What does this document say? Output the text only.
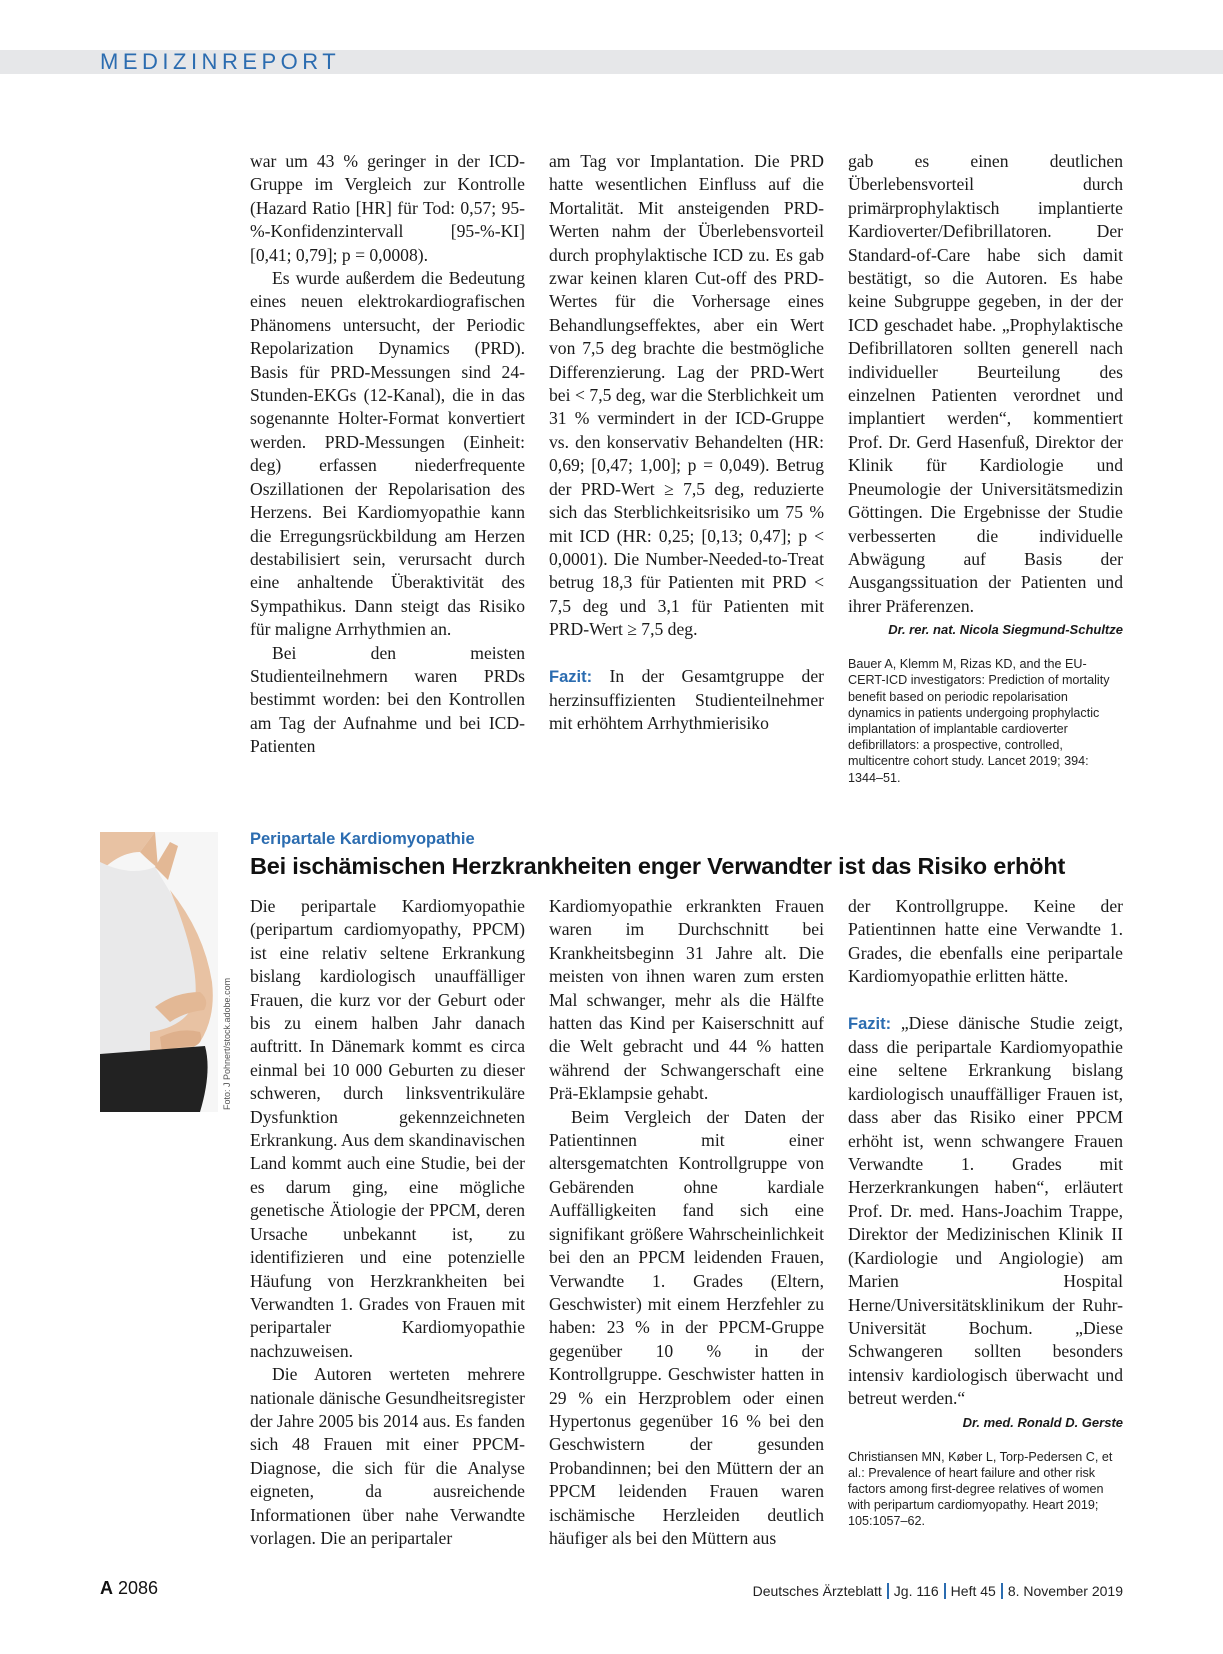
MEDIZINREPORT

war um 43 % geringer in der ICD-Gruppe im Vergleich zur Kontrolle (Hazard Ratio [HR] für Tod: 0,57; 95-%-Konfidenzintervall [95-%-KI] [0,41; 0,79]; p = 0,0008).

Es wurde außerdem die Bedeutung eines neuen elektrokardiografischen Phänomens untersucht, der Periodic Repolarization Dynamics (PRD). Basis für PRD-Messungen sind 24-Stunden-EKGs (12-Kanal), die in das sogenannte Holter-Format konvertiert werden. PRD-Messungen (Einheit: deg) erfassen niederfrequente Oszillationen der Repolarisation des Herzens. Bei Kardiomyopathie kann die Erregungsrückbildung am Herzen destabilisiert sein, verursacht durch eine anhaltende Überaktivität des Sympathikus. Dann steigt das Risiko für maligne Arrhythmien an.

Bei den meisten Studienteilnehmern waren PRDs bestimmt worden: bei den Kontrollen am Tag der Aufnahme und bei ICD-Patienten

am Tag vor Implantation. Die PRD hatte wesentlichen Einfluss auf die Mortalität. Mit ansteigenden PRD-Werten nahm der Überlebensvorteil durch prophylaktische ICD zu. Es gab zwar keinen klaren Cut-off des PRD-Wertes für die Vorhersage eines Behandlungseffektes, aber ein Wert von 7,5 deg brachte die bestmögliche Differenzierung. Lag der PRD-Wert bei < 7,5 deg, war die Sterblichkeit um 31 % vermindert in der ICD-Gruppe vs. den konservativ Behandelten (HR: 0,69; [0,47; 1,00]; p = 0,049). Betrug der PRD-Wert ≥ 7,5 deg, reduzierte sich das Sterblichkeitsrisiko um 75 % mit ICD (HR: 0,25; [0,13; 0,47]; p < 0,0001). Die Number-Needed-to-Treat betrug 18,3 für Patienten mit PRD < 7,5 deg und 3,1 für Patienten mit PRD-Wert ≥ 7,5 deg.

Fazit: In der Gesamtgruppe der herzinsuffizienten Studienteilnehmer mit erhöhtem Arrhythmierisiko

gab es einen deutlichen Überlebensvorteil durch primärprophylaktisch implantierte Kardioverter/Defibrillatoren. Der Standard-of-Care habe sich damit bestätigt, so die Autoren. Es habe keine Subgruppe gegeben, in der der ICD geschadet habe. „Prophylaktische Defibrillatoren sollten generell nach individueller Beurteilung des einzelnen Patienten verordnet und implantiert werden“, kommentiert Prof. Dr. Gerd Hasenfuß, Direktor der Klinik für Kardiologie und Pneumologie der Universitätsmedizin Göttingen. Die Ergebnisse der Studie verbesserten die individuelle Abwägung auf Basis der Ausgangssituation der Patienten und ihrer Präferenzen.

Dr. rer. nat. Nicola Siegmund-Schultze

Bauer A, Klemm M, Rizas KD, and the EU-CERT-ICD investigators: Prediction of mortality benefit based on periodic repolarisation dynamics in patients undergoing prophylactic implantation of implantable cardioverter defibrillators: a prospective, controlled, multicentre cohort study. Lancet 2019; 394: 1344–51.

Foto: J Pohnert/stock.adobe.com
Peripartale Kardiomyopathie
Bei ischämischen Herzkrankheiten enger Verwandter ist das Risiko erhöht

Die peripartale Kardiomyopathie (peripartum cardiomyopathy, PPCM) ist eine relativ seltene Erkrankung bislang kardiologisch unauffälliger Frauen, die kurz vor der Geburt oder bis zu einem halben Jahr danach auftritt. In Dänemark kommt es circa einmal bei 10 000 Geburten zu dieser schweren, durch linksventrikuläre Dysfunktion gekennzeichneten Erkrankung. Aus dem skandinavischen Land kommt auch eine Studie, bei der es darum ging, eine mögliche genetische Ätiologie der PPCM, deren Ursache unbekannt ist, zu identifizieren und eine potenzielle Häufung von Herzkrankheiten bei Verwandten 1. Grades von Frauen mit peripartaler Kardiomyopathie nachzuweisen.

Die Autoren werteten mehrere nationale dänische Gesundheitsregister der Jahre 2005 bis 2014 aus. Es fanden sich 48 Frauen mit einer PPCM-Diagnose, die sich für die Analyse eigneten, da ausreichende Informationen über nahe Verwandte vorlagen. Die an peripartaler

Kardiomyopathie erkrankten Frauen waren im Durchschnitt bei Krankheitsbeginn 31 Jahre alt. Die meisten von ihnen waren zum ersten Mal schwanger, mehr als die Hälfte hatten das Kind per Kaiserschnitt auf die Welt gebracht und 44 % hatten während der Schwangerschaft eine Prä-Eklampsie gehabt.

Beim Vergleich der Daten der Patientinnen mit einer altersgematchten Kontrollgruppe von Gebärenden ohne kardiale Auffälligkeiten fand sich eine signifikant größere Wahrscheinlichkeit bei den an PPCM leidenden Frauen, Verwandte 1. Grades (Eltern, Geschwister) mit einem Herzfehler zu haben: 23 % in der PPCM-Gruppe gegenüber 10 % in der Kontrollgruppe. Geschwister hatten in 29 % ein Herzproblem oder einen Hypertonus gegenüber 16 % bei den Geschwistern der gesunden Probandinnen; bei den Müttern der an PPCM leidenden Frauen waren ischämische Herzleiden deutlich häufiger als bei den Müttern aus

der Kontrollgruppe. Keine der Patientinnen hatte eine Verwandte 1. Grades, die ebenfalls eine peripartale Kardiomyopathie erlitten hätte.

Fazit: „Diese dänische Studie zeigt, dass die peripartale Kardiomyopathie eine seltene Erkrankung bislang kardiologisch unauffälliger Frauen ist, dass aber das Risiko einer PPCM erhöht ist, wenn schwangere Frauen Verwandte 1. Grades mit Herzerkrankungen haben“, erläutert Prof. Dr. med. Hans-Joachim Trappe, Direktor der Medizinischen Klinik II (Kardiologie und Angiologie) am Marien Hospital Herne/Universitätsklinikum der Ruhr-Universität Bochum. „Diese Schwangeren sollten besonders intensiv kardiologisch überwacht und betreut werden.“

Dr. med. Ronald D. Gerste

Christiansen MN, Køber L, Torp-Pedersen C, et al.: Prevalence of heart failure and other risk factors among first-degree relatives of women with peripartum cardiomyopathy. Heart 2019; 105:1057–62.

A 2086	Deutsches Ärzteblatt Jg. 116 Heft 45 8. November 2019
